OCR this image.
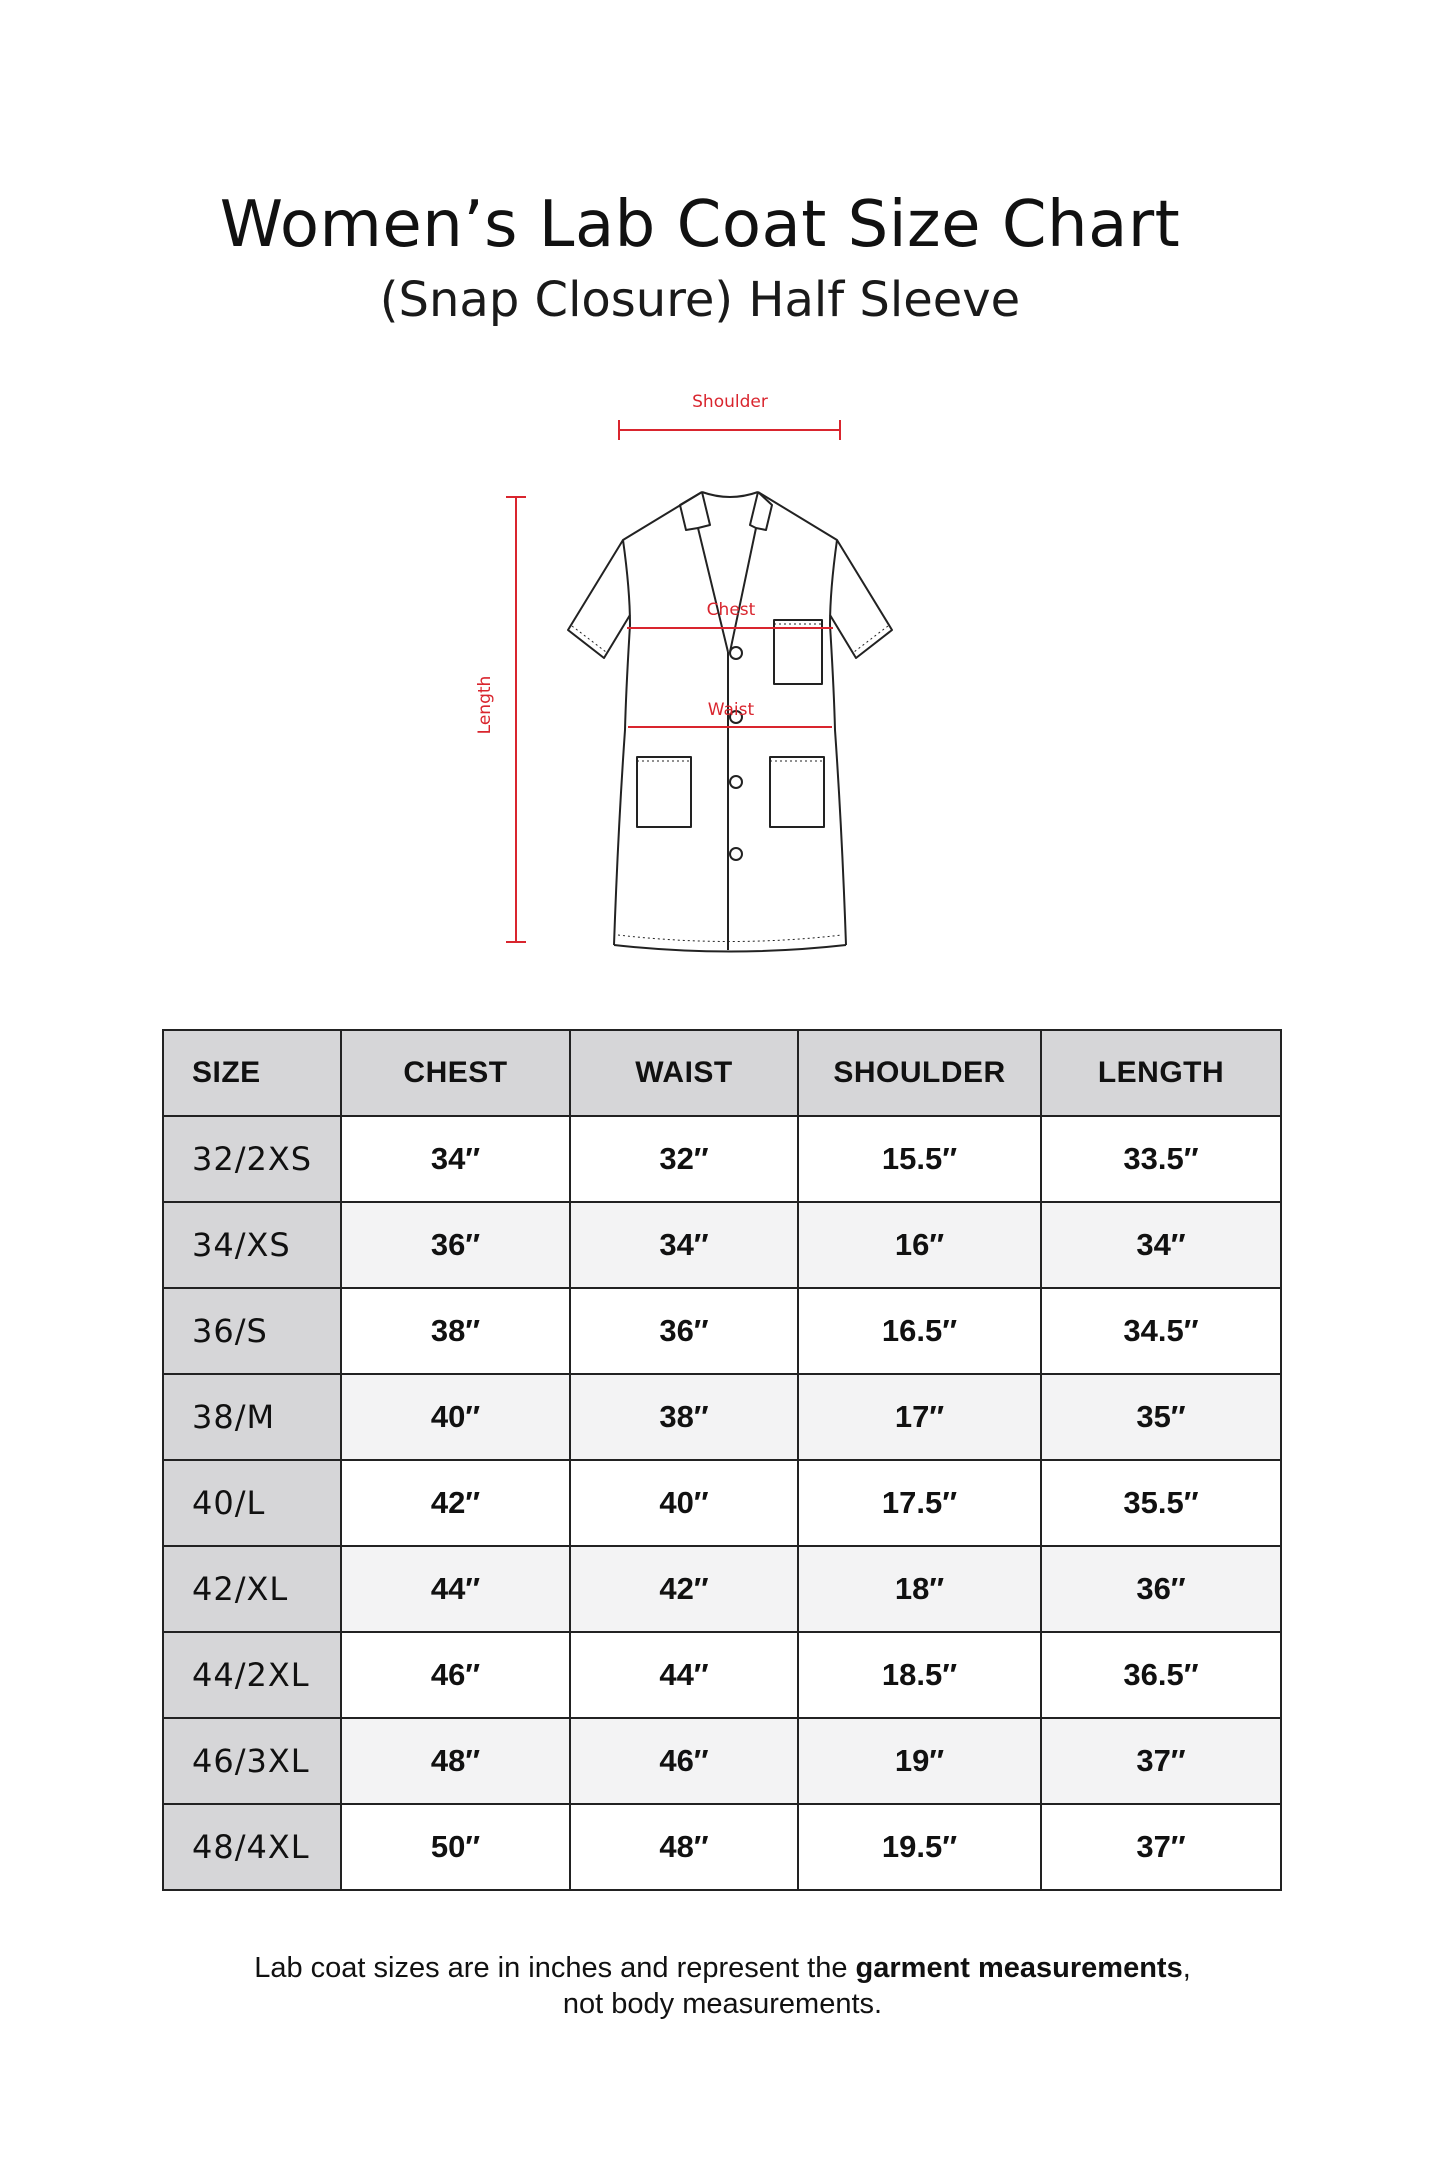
Women’s Lab Coat Size Chart
(Snap Closure) Half Sleeve
Shoulder
Length
Chest
Waist
SIZE	CHEST	WAIST	SHOULDER	LENGTH
32/2XS	34″	32″	15.5″	33.5″
34/XS	36″	34″	16″	34″
36/S	38″	36″	16.5″	34.5″
38/M	40″	38″	17″	35″
40/L	42″	40″	17.5″	35.5″
42/XL	44″	42″	18″	36″
44/2XL	46″	44″	18.5″	36.5″
46/3XL	48″	46″	19″	37″
48/4XL	50″	48″	19.5″	37″
Lab coat sizes are in inches and represent the garment measurements,
not body measurements.
